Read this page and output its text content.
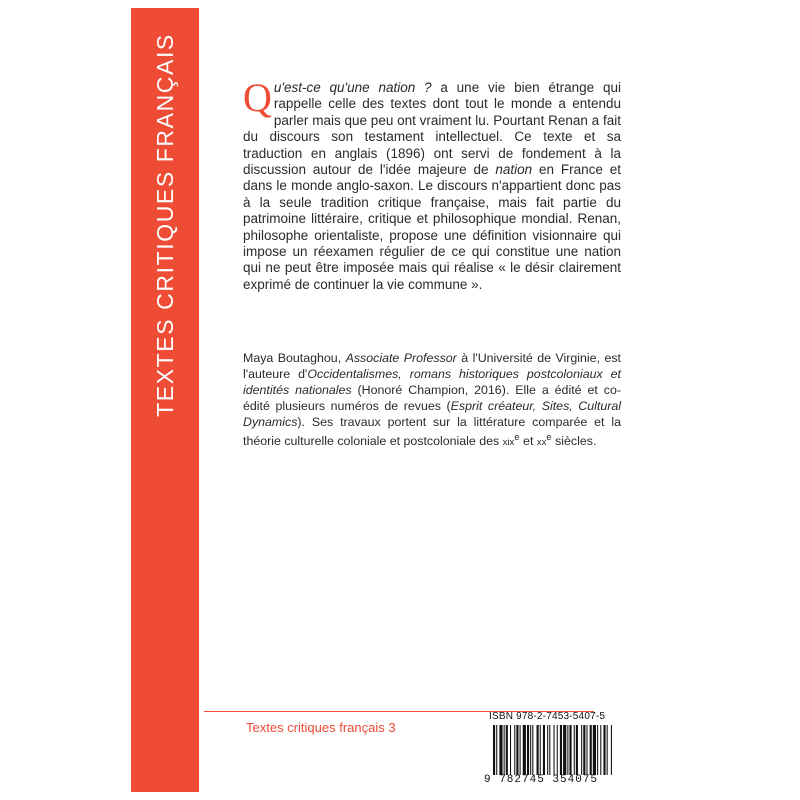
TEXTES CRITIQUES FRANÇAIS Qu'est-ce qu'une nation ? a une vie bien étrange qui rappelle celle des textes dont tout le monde a entendu parler mais que peu ont vraiment lu. Pourtant Renan a fait du discours son testament intellectuel. Ce texte et sa traduction en anglais (1896) ont servi de fondement à la discussion autour de l'idée majeure de nation en France et dans le monde anglo-saxon. Le discours n'appartient donc pas à la seule tradition critique française, mais fait partie du patrimoine littéraire, critique et philosophique mondial. Renan, philosophe orientaliste, propose une définition visionnaire qui impose un réexamen régulier de ce qui constitue une nation qui ne peut être imposée mais qui réalise « le désir clairement exprimé de continuer la vie commune ».
Maya Boutaghou, Associate Professor à l'Université de Virginie, est l'auteure d'Occidentalismes, romans historiques postcoloniaux et identités nationales (Honoré Champion, 2016). Elle a édité et co-édité plusieurs numéros de revues (Esprit créateur, Sites, Cultural Dynamics). Ses travaux portent sur la littérature comparée et la théorie culturelle coloniale et postcoloniale des xix$^e$ et $xx^e$ siècles.
Textes critiques français 3
ISBN 978-2-7453-5407-5
9 782745 354075
